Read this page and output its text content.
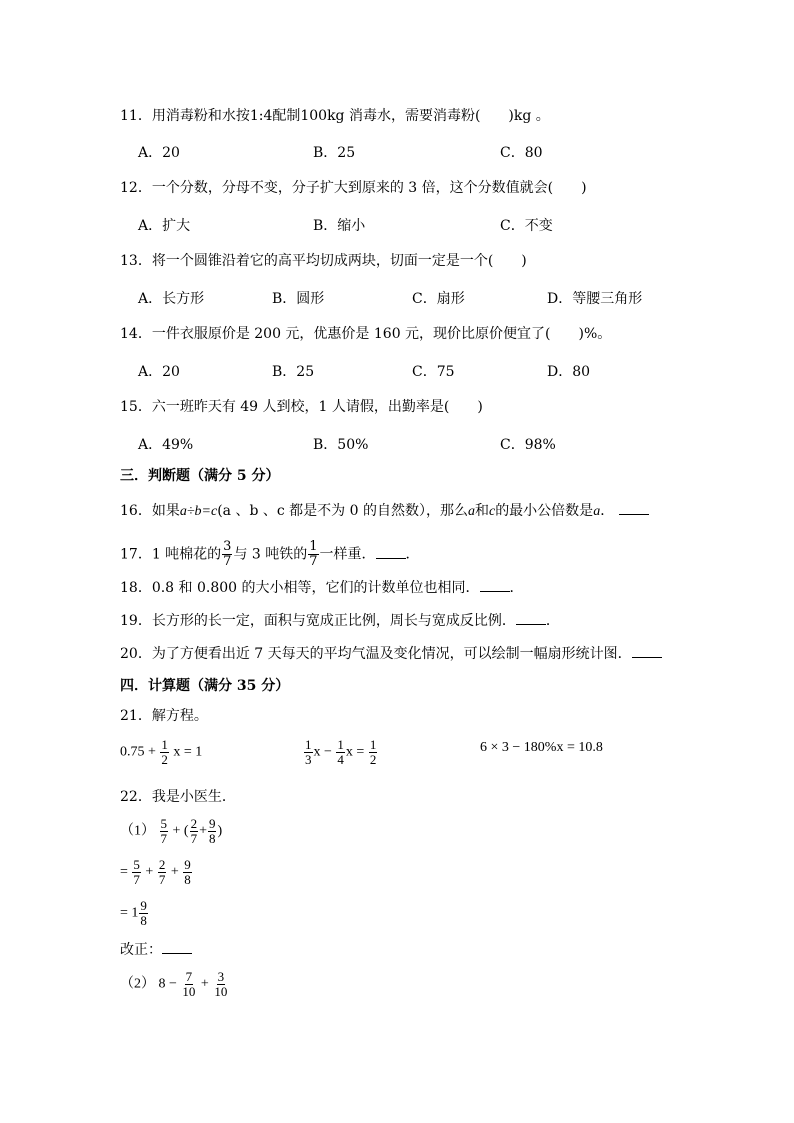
11．用消毒粉和水按1:4配制100kg 消毒水，需要消毒粉(　　)kg 。
A．20	B．25	C．80
12．一个分数，分母不变，分子扩大到原来的 3 倍，这个分数值就会(　　)
A．扩大	B．缩小	C．不变
13．将一个圆锥沿着它的高平均切成两块，切面一定是一个(　　)
A．长方形	B．圆形	C．扇形	D．等腰三角形
14．一件衣服原价是 200 元，优惠价是 160 元，现价比原价便宜了(　　)%。
A．20	B．25	C．75	D．80
15．六一班昨天有 49 人到校，1 人请假，出勤率是(　　)
A．49%	B．50%	C．98%
三．判断题（满分 5 分）
16．如果a÷b=c(a 、b 、c 都是不为 0 的自然数），那么a和c的最小公倍数是a．
17．1 吨棉花的 $\frac{3}{7}$ 与 3 吨铁的 $\frac{1}{7}$ 一样重． ．
18．0.8 和 0.800 的大小相等，它们的计数单位也相同． ．
19．长方形的长一定，面积与宽成正比例，周长与宽成反比例． ．
20．为了方便看出近 7 天每天的平均气温及变化情况，可以绘制一幅扇形统计图．
四．计算题（满分 35 分）
21．解方程。
$0.75 + \frac{1}{2}$ x = 1	$\frac{1}{3}$ $x - \frac{1}{4}$ $x = \frac{1}{2}$	6 × 3 − 180%x = 10.8
22．我是小医生．
$(1) \frac{5}{7}$ + ( $\frac{2}{7} + \frac{9}{8}$ )
= $\frac{5}{7} + \frac{2}{7} + \frac{9}{8}$
= $1 \frac{9}{8}$
改正：
（2） $8 - \frac{7}{10} + \frac{3}{10}$
